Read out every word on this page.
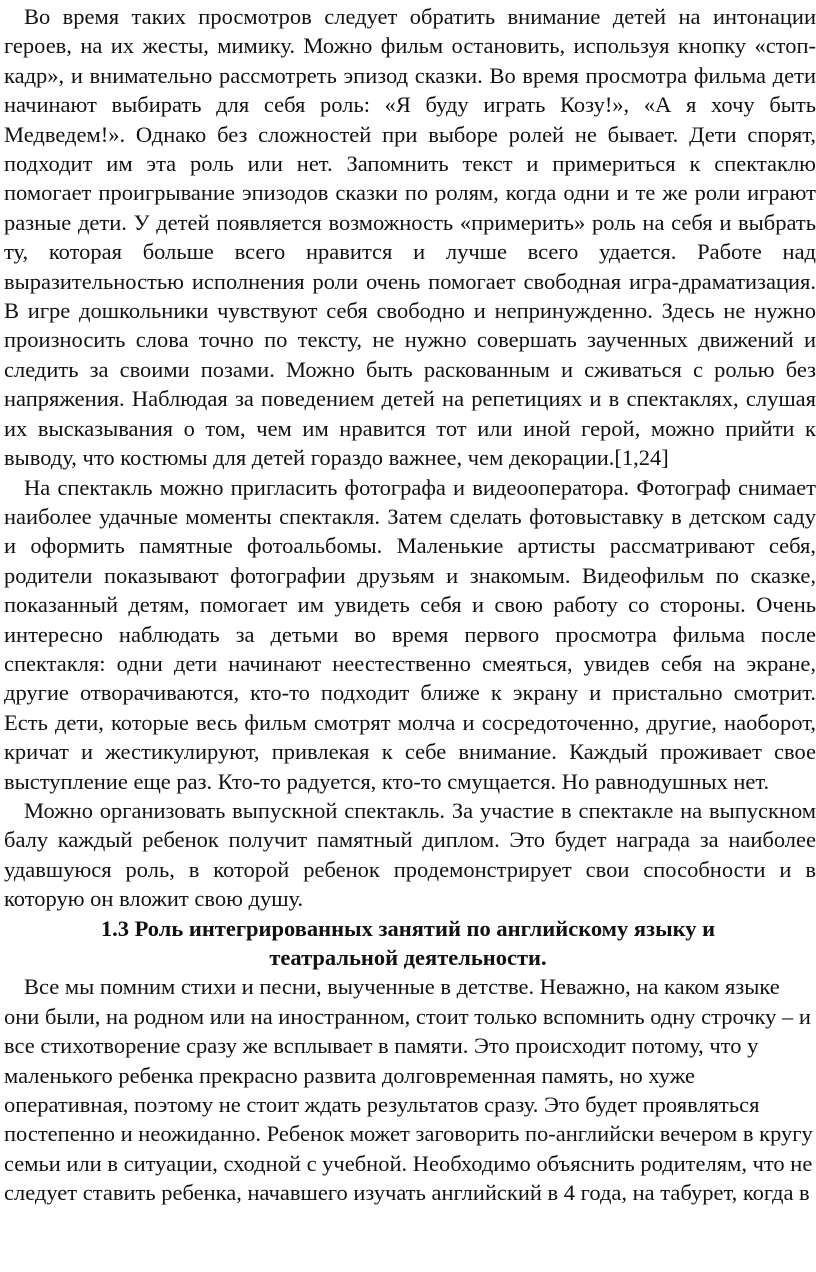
Во время таких просмотров следует обратить внимание детей на интонации героев, на их жесты, мимику. Можно фильм остановить, используя кнопку «стоп-кадр», и внимательно рассмотреть эпизод сказки. Во время просмотра фильма дети начинают выбирать для себя роль: «Я буду играть Козу!», «А я хочу быть Медведем!». Однако без сложностей при выборе ролей не бывает. Дети спорят, подходит им эта роль или нет. Запомнить текст и примериться к спектаклю помогает проигрывание эпизодов сказки по ролям, когда одни и те же роли играют разные дети. У детей появляется возможность «примерить» роль на себя и выбрать ту, которая больше всего нравится и лучше всего удается. Работе над выразительностью исполнения роли очень помогает свободная игра-драматизация. В игре дошкольники чувствуют себя свободно и непринужденно. Здесь не нужно произносить слова точно по тексту, не нужно совершать заученных движений и следить за своими позами. Можно быть раскованным и сживаться с ролью без напряжения. Наблюдая за поведением детей на репетициях и в спектаклях, слушая их высказывания о том, чем им нравится тот или иной герой, можно прийти к выводу, что костюмы для детей гораздо важнее, чем декорации.[1,24]

На спектакль можно пригласить фотографа и видеооператора. Фотограф снимает наиболее удачные моменты спектакля. Затем сделать фотовыставку в детском саду и оформить памятные фотоальбомы. Маленькие артисты рассматривают себя, родители показывают фотографии друзьям и знакомым. Видеофильм по сказке, показанный детям, помогает им увидеть себя и свою работу со стороны. Очень интересно наблюдать за детьми во время первого просмотра фильма после спектакля: одни дети начинают неестественно смеяться, увидев себя на экране, другие отворачиваются, кто-то подходит ближе к экрану и пристально смотрит. Есть дети, которые весь фильм смотрят молча и сосредоточенно, другие, наоборот, кричат и жестикулируют, привлекая к себе внимание. Каждый проживает свое выступление еще раз. Кто-то радуется, кто-то смущается. Но равнодушных нет.

Можно организовать выпускной спектакль. За участие в спектакле на выпускном балу каждый ребенок получит памятный диплом. Это будет награда за наиболее удавшуюся роль, в которой ребенок продемонстрирует свои способности и в которую он вложит свою душу.

1.3 Роль интегрированных занятий по английскому языку и театральной деятельности.

Все мы помним стихи и песни, выученные в детстве. Неважно, на каком языке они были, на родном или на иностранном, стоит только вспомнить одну строчку – и все стихотворение сразу же всплывает в памяти. Это происходит потому, что у маленького ребенка прекрасно развита долговременная память, но хуже оперативная, поэтому не стоит ждать результатов сразу. Это будет проявляться постепенно и неожиданно. Ребенок может заговорить по-английски вечером в кругу семьи или в ситуации, сходной с учебной. Необходимо объяснить родителям, что не следует ставить ребенка, начавшего изучать английский в 4 года, на табурет, когда в
